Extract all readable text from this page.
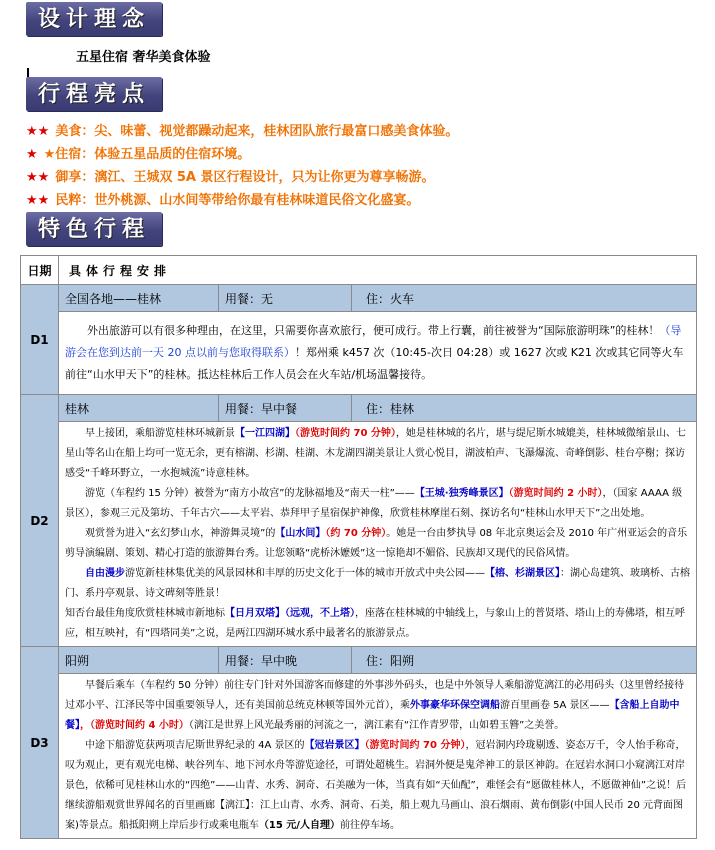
设计理念
五星住宿 奢华美食体验
行程亮点
★★ 美食：尖、味蕾、视觉都躁动起来，桂林团队旅行最富口感美食体验。
★ ★住宿：体验五星品质的住宿环境。
★★ 御享：漓江、王城双 5A 景区行程设计，只为让你更为尊享畅游。
★★ 民粹：世外桃源、山水间等带给你最有桂林味道民俗文化盛宴。
特色行程
日期	具体行程安排		
D1	全国各地——桂林	用餐：无	住：火车

	外出旅游可以有很多种理由，在这里，只需要你喜欢旅行，便可成行。带上行囊，前往被誉为“国际旅游明珠”的桂林！（导游会在您到达前一天 20 点以前与您取得联系）！郑州乘 k457 次（10:45-次日 04:28）或 1627 次或 K21 次或其它同等火车前往“山水甲天下”的桂林。抵达桂林后工作人员会在火车站/机场温馨接待。		

D2	桂林	用餐：早中餐	住：桂林

	早上接团，乘船游览桂林环城新景【一江四湖】（游览时间约 70 分钟），她是桂林城的名片，堪与缇尼斯水城媲美，桂林城微缩景山、七星山等名山在船上均可一览无余，更有榕湖、杉湖、桂湖、木龙湖四湖美景让人赏心悦目，湖波柏声、飞瀑爆流、奇峰倒影、桂台亭榭；探访感受“千峰环野立，一水抱城流”诗意桂林。

游览（车程约 15 分钟）被誉为“南方小故宫”的龙脉福地及“南天一柱”——【王城·独秀峰景区】（游览时间约 2 小时），（国家 AAAA 级景区），参观三元及第坊、千年古穴——太平岩、恭拜甲子星宿保护神像，欣赏桂林摩崖石刻、探访名句“桂林山水甲天下”之出处地。

观赏誉为进入“玄幻梦山水，神游舞灵境”的【山水间】（约 70 分钟）。她是一台由梦执导 08 年北京奥运会及 2010 年广州亚运会的音乐剪导演编剧、策划、精心打造的旅游舞台秀。让您领略“虎桥沐嬷媛”这一惊艳却不媚俗、民族却又现代的民俗风情。

自由漫步游览新桂林集优美的风景园林和丰厚的历史文化于一体的城市开放式中央公园——【榕、杉湖景区】：湖心岛建筑、玻璃桥、古榕门、系丹亭观景、诗文碑刻等胜景！

知否台最佳角度欣赏桂林城市新地标【日月双塔】（远观，不上塔），座落在桂林城的中轴线上，与象山上的普贤塔、塔山上的寿佛塔，相互呼应，相互映衬，有“四塔同美”之说，是两江四湖环城水系中最著名的旅游景点。		

D3	阳朔	用餐：早中晚	住：阳朔

	早餐后乘车（车程约 50 分钟）前往专门针对外国游客而修建的外事涉外码头，也是中外领导人乘船游览漓江的必用码头（这里曾经接待过邓小平、江泽民等中国重要领导人，还有美国前总统克林顿等国外元首），乘外事豪华环保空调船游百里画卷 5A 景区——【含船上自助中餐】，（游览时间约 4 小时）（漓江是世界上风光最秀丽的河流之一，漓江素有“江作青罗带，山如碧玉簪”之美誉。

中途下船游览获两项吉尼斯世界纪录的 4A 景区的【冠岩景区】（游览时间约 70 分钟），冠岩洞内玲珑剔透、姿态万千，令人怡手称奇，叹为观止，更有观光电梯、峡谷列车、地下河水舟等游览途径，可谓处超桃生。岩洞外便是鬼斧神工的景区神韵。在冠岩水洞口小窥漓江对岸景色，依稀可见桂林山水的“四绝”——山青、水秀、洞奇、石美融为一体，当真有如“天仙配”，难怪会有“愿做桂林人，不愿做神仙”之说！后继续游船观赏世界闻名的百里画廊【漓江】：江上山青、水秀、洞奇、石美，船上观九马画山、浪石烟雨、黄布倒影(中国人民币 20 元背面图案)等景点。船抵阳朔上岸后步行或乘电瓶车（15 元/人自理）前往停车场。		
